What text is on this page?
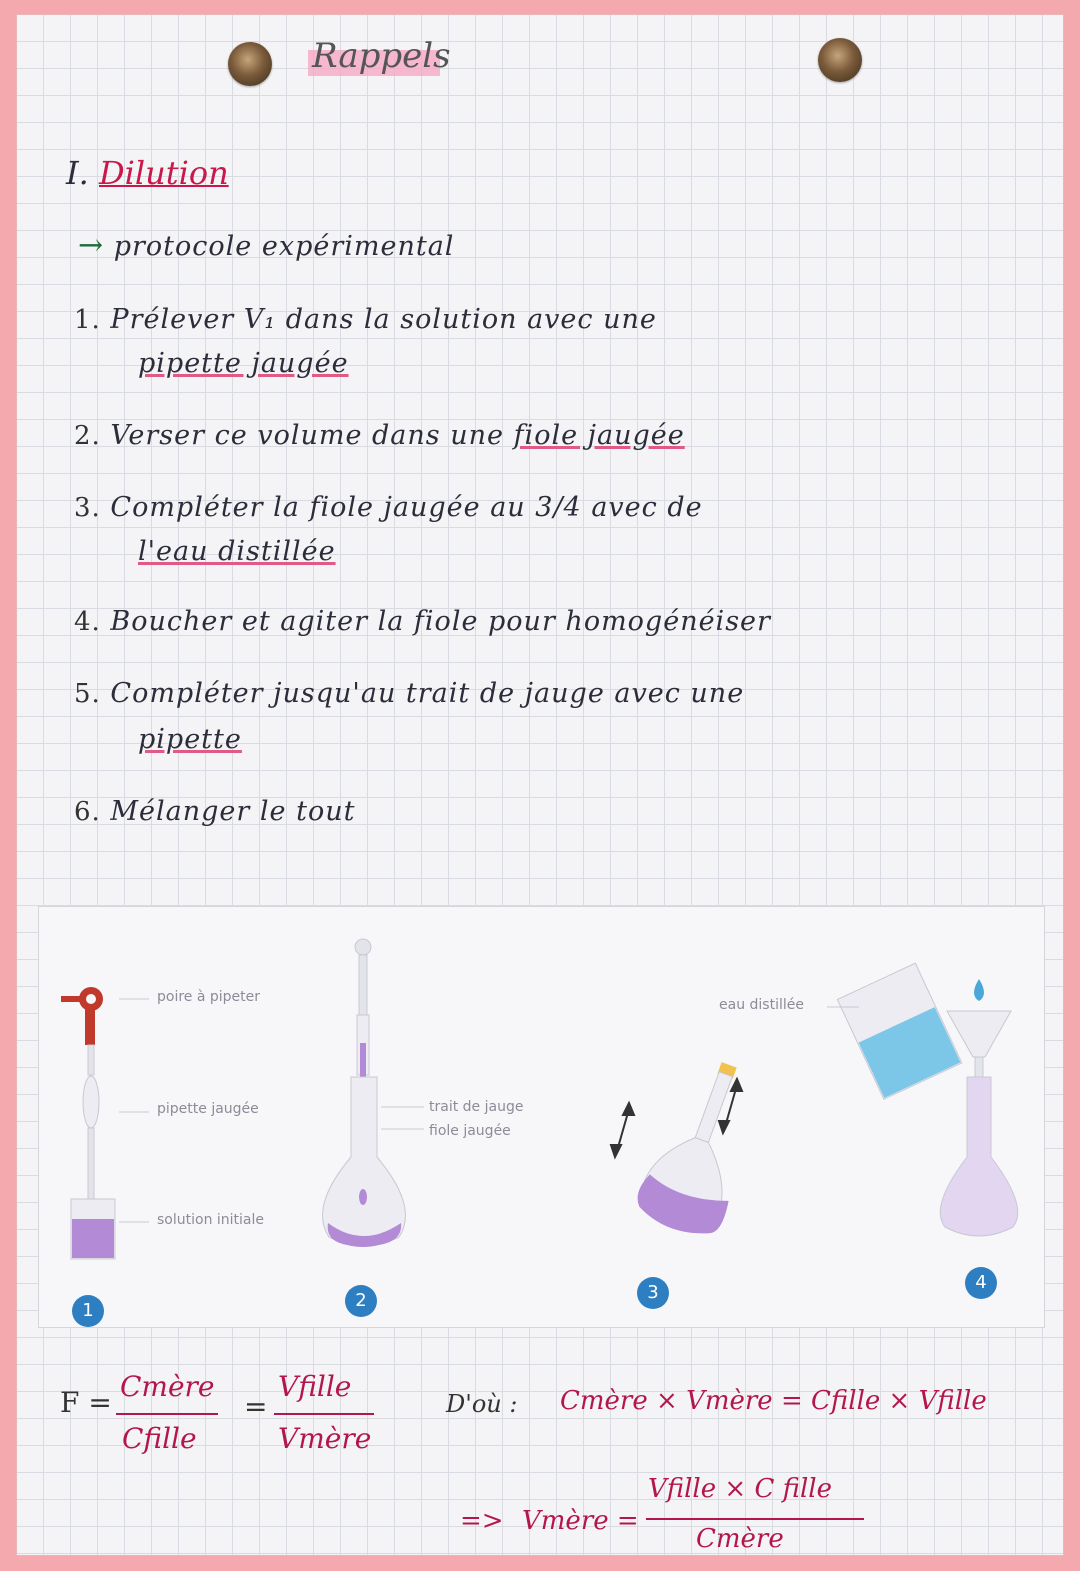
Rappels
I. Dilution
→ protocole expérimental
1. Prélever V₁ dans la solution avec une
pipette jaugée
2. Verser ce volume dans une fiole jaugée
3. Compléter la fiole jaugée au 3/4 avec de
l'eau distillée
4. Boucher et agiter la fiole pour homogénéiser
5. Compléter jusqu'au trait de jauge avec une
pipette
6. Mélanger le tout
poire à pipeter
pipette jaugée
solution initiale
trait de jauge
fiole jaugée
eau distillée
1	2	3	4
F = Cmère
Cfille
=
Vfille
Vmère
D'où : Cmère × Vmère = Cfille × Vfille
=> Vmère =
Vfille × C fille
Cmère
